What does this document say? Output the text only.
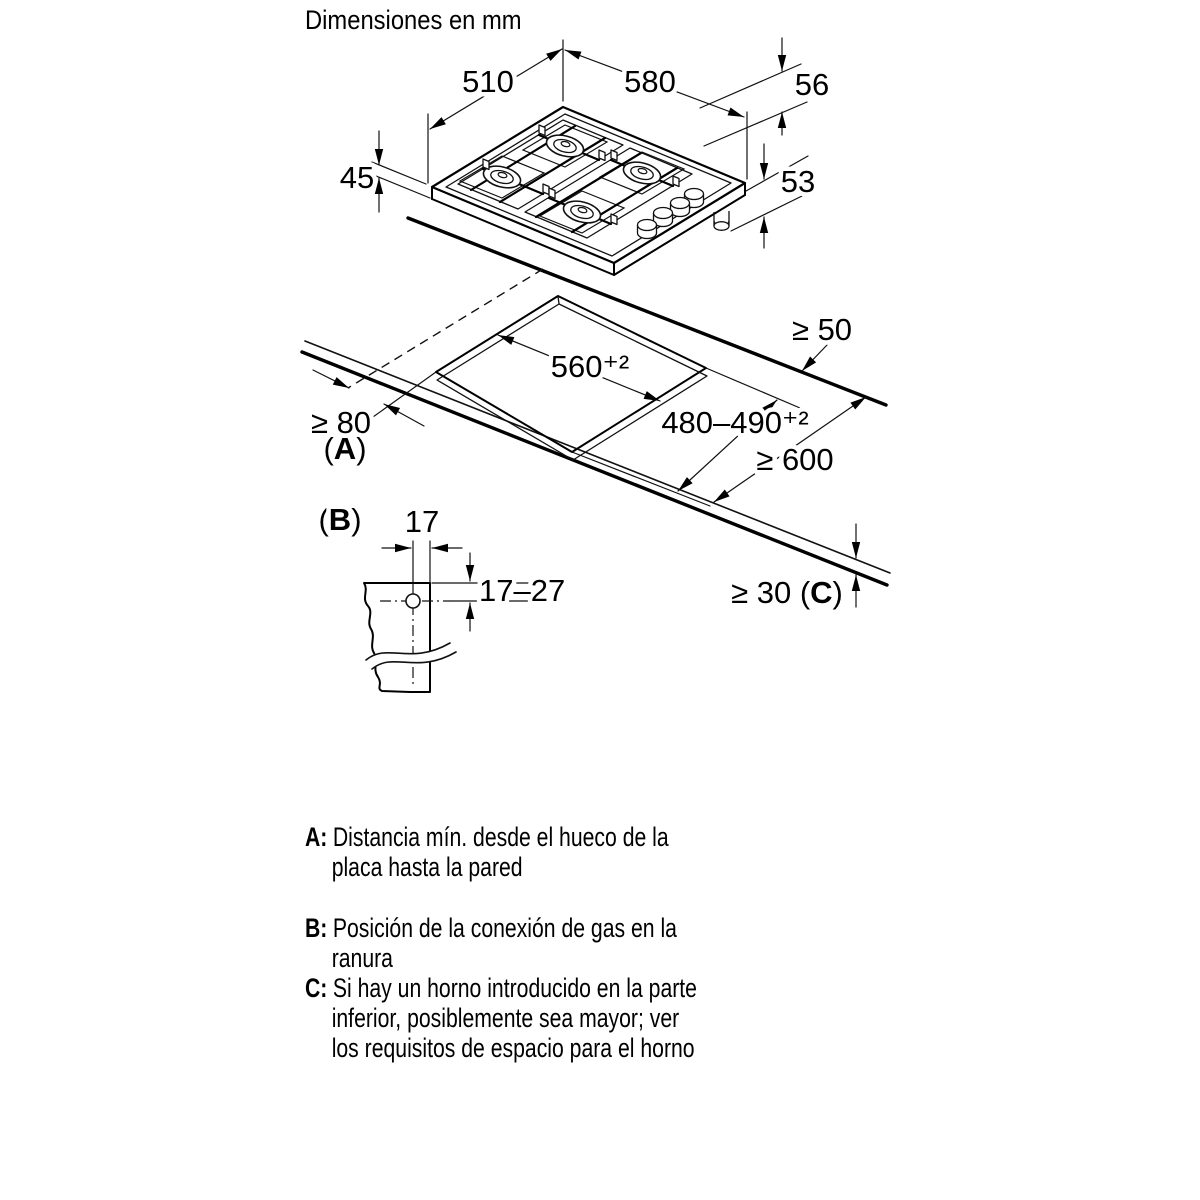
Dimensiones en mm
510	580	56
53
45
560⁺²
480–490⁺²
≥ 50
≥ 80
(A)	≥ 600
≥ 30 (C)
(B) 17
17–27
A: Distancia mín. desde el hueco de la placa hasta la pared
B: Posición de la conexión de gas en la ranura
C: Si hay un horno introducido en la parte inferior, posiblemente sea mayor; ver los requisitos de espacio para el horno
